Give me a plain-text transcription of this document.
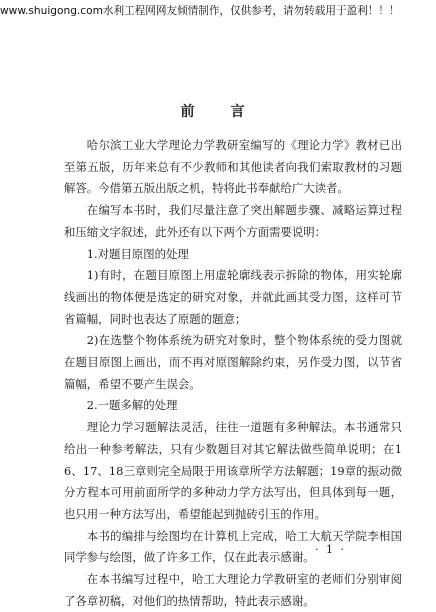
www.shuigong.com水利工程网网友倾情制作，仅供参考，请勿转载用于盈利！！！
前　言

哈尔滨工业大学理论力学教研室编写的《理论力学》教材已出至第五版，历年来总有不少教师和其他读者向我们索取教材的习题解答。今借第五版出版之机，特将此书奉献给广大读者。

在编写本书时，我们尽量注意了突出解题步骤、减略运算过程和压缩文字叙述，此外还有以下两个方面需要说明：

1.对题目原图的处理

1)有时，在题目原图上用虚轮廓线表示拆除的物体，用实轮廓线画出的物体便是选定的研究对象，并就此画其受力图，这样可节省篇幅，同时也表达了原题的题意；

2)在选整个物体系统为研究对象时，整个物体系统的受力图就在题目原图上画出，而不再对原图解除约束，另作受力图，以节省篇幅，希望不要产生误会。

2.一题多解的处理

理论力学习题解法灵活，往往一道题有多种解法。本书通常只给出一种参考解法，只有少数题目对其它解法做些简单说明；在16、17、18三章则完全局限于用该章所学方法解题；19章的振动微分方程本可用前面所学的多种动力学方法写出，但具体到每一题，也只用一种方法写出，希望能起到抛砖引玉的作用。

本书的编排与绘图均在计算机上完成，哈工大航天学院李相国同学参与绘图，做了许多工作，仅在此表示感谢。

在本书编写过程中，哈工大理论力学教研室的老师们分别审阅了各章初稿，对他们的热情帮助，特此表示感谢。

· 1 ·
